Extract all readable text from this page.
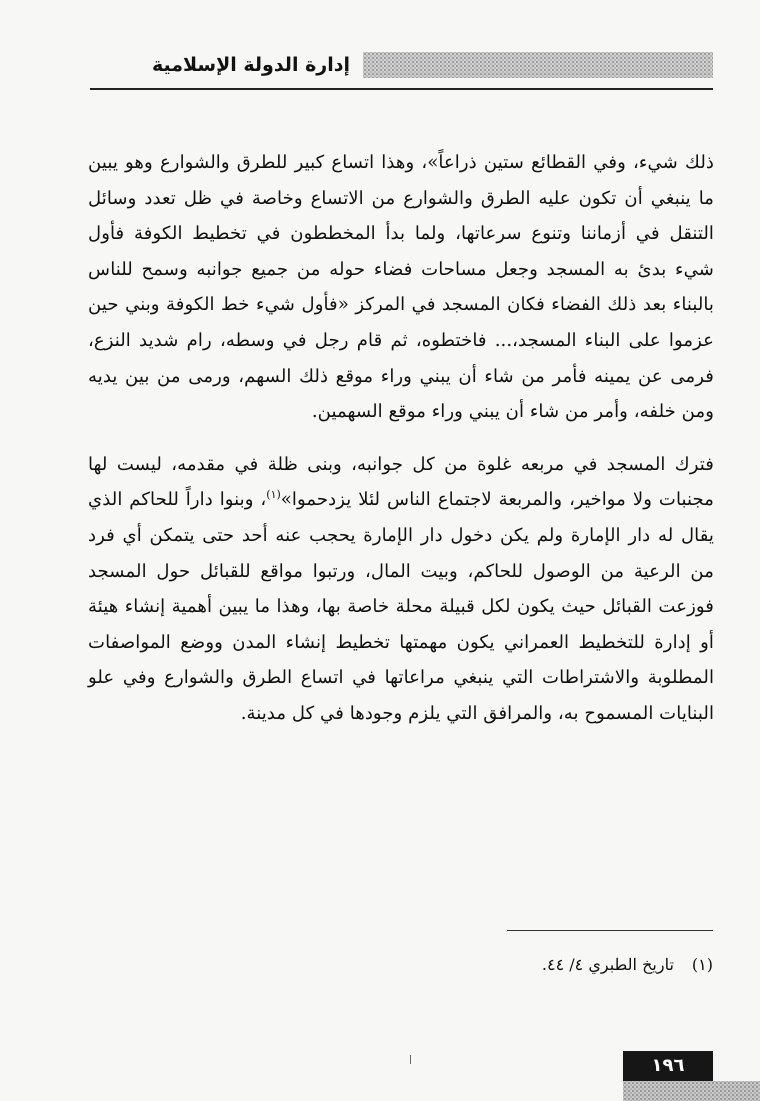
إدارة الدولة الإسلامية

ذلك شيء، وفي القطائع ستين ذراعاً»، وهذا اتساع كبير للطرق والشوارع وهو يبين ما ينبغي أن تكون عليه الطرق والشوارع من الاتساع وخاصة في ظل تعدد وسائل التنقل في أزماننا وتنوع سرعاتها، ولما بدأ المخططون في تخطيط الكوفة فأول شيء بدئ به المسجد وجعل مساحات فضاء حوله من جميع جوانبه وسمح للناس بالبناء بعد ذلك الفضاء فكان المسجد في المركز «فأول شيء خط الكوفة وبني حين عزموا على البناء المسجد،... فاختطوه، ثم قام رجل في وسطه، رام شديد النزع، فرمى عن يمينه فأمر من شاء أن يبني وراء موقع ذلك السهم، ورمى من بين يديه ومن خلفه، وأمر من شاء أن يبني وراء موقع السهمين.

فترك المسجد في مربعه غلوة من كل جوانبه، وبنى ظلة في مقدمه، ليست لها مجنبات ولا مواخير، والمربعة لاجتماع الناس لئلا يزدحموا»$^{(١)}$، وبنوا داراً للحاكم الذي يقال له دار الإمارة ولم يكن دخول دار الإمارة يحجب عنه أحد حتى يتمكن أي فرد من الرعية من الوصول للحاكم، وبيت المال، ورتبوا مواقع للقبائل حول المسجد فوزعت القبائل حيث يكون لكل قبيلة محلة خاصة بها، وهذا ما يبين أهمية إنشاء هيئة أو إدارة للتخطيط العمراني يكون مهمتها تخطيط إنشاء المدن ووضع المواصفات المطلوبة والاشتراطات التي ينبغي مراعاتها في اتساع الطرق والشوارع وفي علو البنايات المسموح به، والمرافق التي يلزم وجودها في كل مدينة.

(١)تاريخ الطبري ٤/ ٤٤.
١٩٦
